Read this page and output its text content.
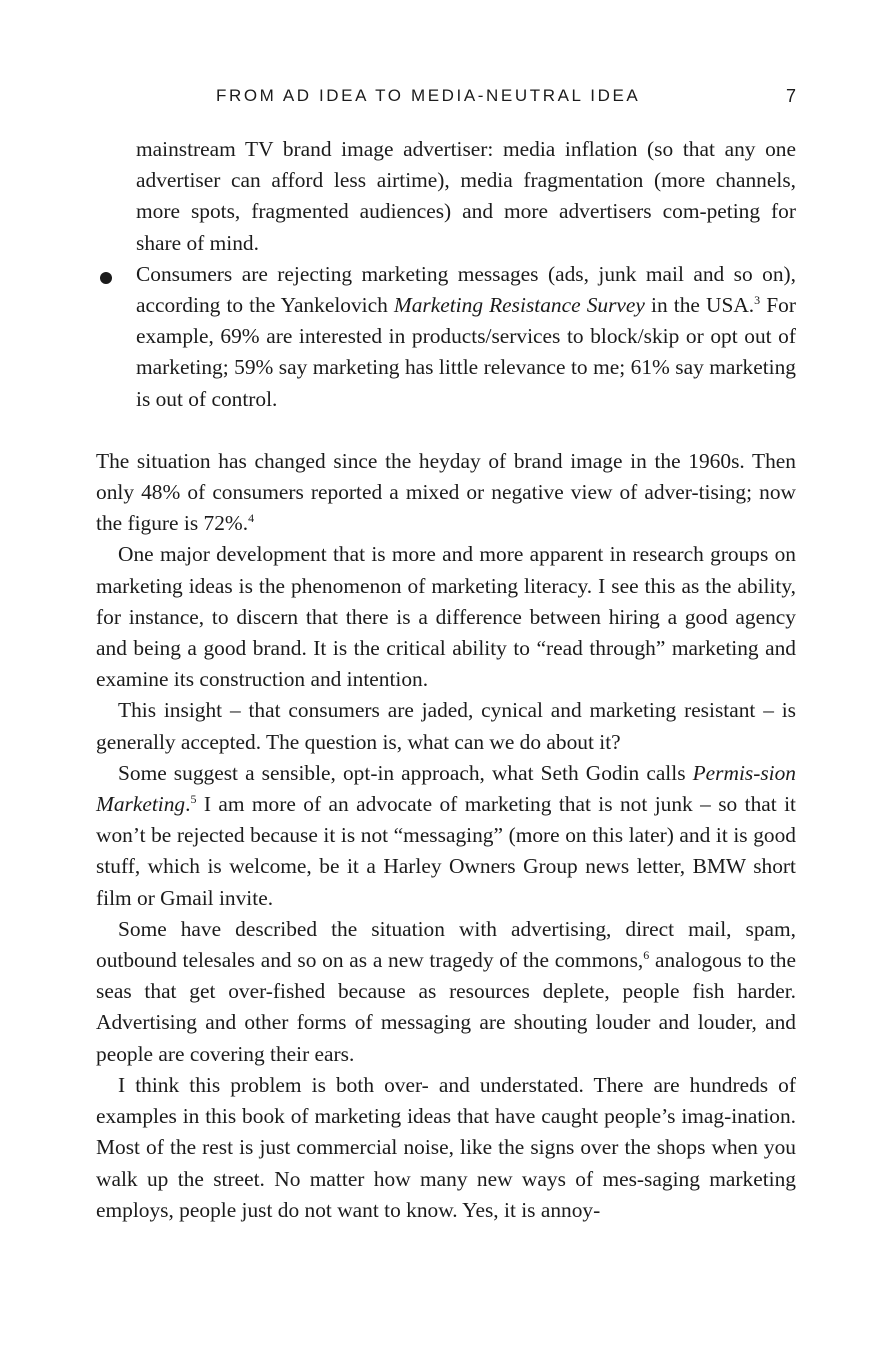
FROM AD IDEA TO MEDIA-NEUTRAL IDEA	7
mainstream TV brand image advertiser: media inflation (so that any one advertiser can afford less airtime), media fragmentation (more channels, more spots, fragmented audiences) and more advertisers com-peting for share of mind.
Consumers are rejecting marketing messages (ads, junk mail and so on), according to the Yankelovich Marketing Resistance Survey in the USA.$^3$ For example, 69% are interested in products/services to block/skip or opt out of marketing; 59% say marketing has little relevance to me; 61% say marketing is out of control.

The situation has changed since the heyday of brand image in the 1960s. Then only 48% of consumers reported a mixed or negative view of adver-tising; now the figure is 72%.$^4$

One major development that is more and more apparent in research groups on marketing ideas is the phenomenon of marketing literacy. I see this as the ability, for instance, to discern that there is a difference between hiring a good agency and being a good brand. It is the critical ability to “read through” marketing and examine its construction and intention.

This insight – that consumers are jaded, cynical and marketing resistant – is generally accepted. The question is, what can we do about it?

Some suggest a sensible, opt-in approach, what Seth Godin calls Permis-sion Marketing.$^5$ I am more of an advocate of marketing that is not junk – so that it won’t be rejected because it is not “messaging” (more on this later) and it is good stuff, which is welcome, be it a Harley Owners Group news letter, BMW short film or Gmail invite.

Some have described the situation with advertising, direct mail, spam, outbound telesales and so on as a new tragedy of the commons,$^6$ analogous to the seas that get over-fished because as resources deplete, people fish harder. Advertising and other forms of messaging are shouting louder and louder, and people are covering their ears.

I think this problem is both over- and understated. There are hundreds of examples in this book of marketing ideas that have caught people’s imag-ination. Most of the rest is just commercial noise, like the signs over the shops when you walk up the street. No matter how many new ways of mes-saging marketing employs, people just do not want to know. Yes, it is annoy-
